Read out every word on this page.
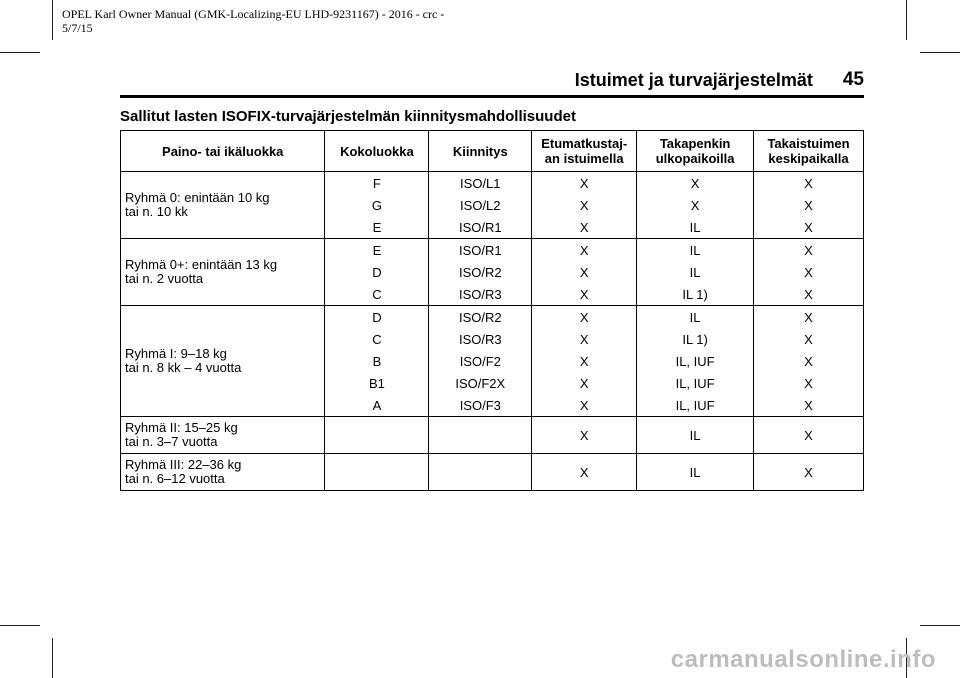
OPEL Karl Owner Manual (GMK-Localizing-EU LHD-9231167) - 2016 - crc -
5/7/15
Istuimet ja turvajärjestelmät 45
Sallitut lasten ISOFIX-turvajärjestelmän kiinnitysmahdollisuudet
Paino- tai ikäluokka	Kokoluokka	Kiinnitys	Etumatkustaj-
an istuimella	Takapenkin
ulkopaikoilla	Takaistuimen
keskipaikalla
Ryhmä 0: enintään 10 kg
tai n. 10 kk	F	ISO/L1	X	X	X
	G	ISO/L2	X	X	X
	E	ISO/R1	X	IL	X
Ryhmä 0+: enintään 13 kg
tai n. 2 vuotta	E	ISO/R1	X	IL	X
	D	ISO/R2	X	IL	X
	C	ISO/R3	X	IL 1)	X
Ryhmä I: 9–18 kg
tai n. 8 kk – 4 vuotta	D	ISO/R2	X	IL	X
	C	ISO/R3	X	IL 1)	X
	B	ISO/F2	X	IL, IUF	X
	B1	ISO/F2X	X	IL, IUF	X
	A	ISO/F3	X	IL, IUF	X
Ryhmä II: 15–25 kg
tai n. 3–7 vuotta			X	IL	X
Ryhmä III: 22–36 kg
tai n. 6–12 vuotta			X	IL	X
carmanualsonline.info
